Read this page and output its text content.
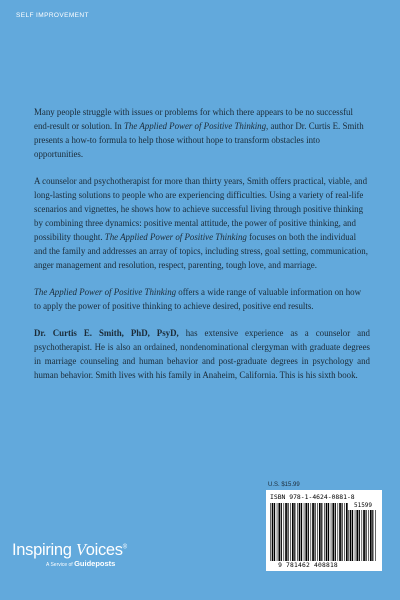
SELF IMPROVEMENT

Many people struggle with issues or problems for which there appears to be no successful end-result or solution. In The Applied Power of Positive Thinking, author Dr. Curtis E. Smith presents a how-to formula to help those without hope to transform obstacles into opportunities.

A counselor and psychotherapist for more than thirty years, Smith offers practical, viable, and long-lasting solutions to people who are experiencing difficulties. Using a variety of real-life scenarios and vignettes, he shows how to achieve successful living through positive thinking by combining three dynamics: positive mental attitude, the power of positive thinking, and possibility thought. The Applied Power of Positive Thinking focuses on both the individual and the family and addresses an array of topics, including stress, goal setting, communication, anger management and resolution, respect, parenting, tough love, and marriage.

The Applied Power of Positive Thinking offers a wide range of valuable information on how to apply the power of positive thinking to achieve desired, positive end results.

Dr. Curtis E. Smith, PhD, PsyD, has extensive experience as a counselor and psychotherapist. He is also an ordained, nondenominational clergyman with graduate degrees in marriage counseling and human behavior and post-graduate degrees in psychology and human behavior. Smith lives with his family in Anaheim, California. This is his sixth book.

U.S. $15.99
ISBN 978-1-4624-0881-8
51599
9 781462 408818
Inspiring Voices®
A Service of Guideposts
